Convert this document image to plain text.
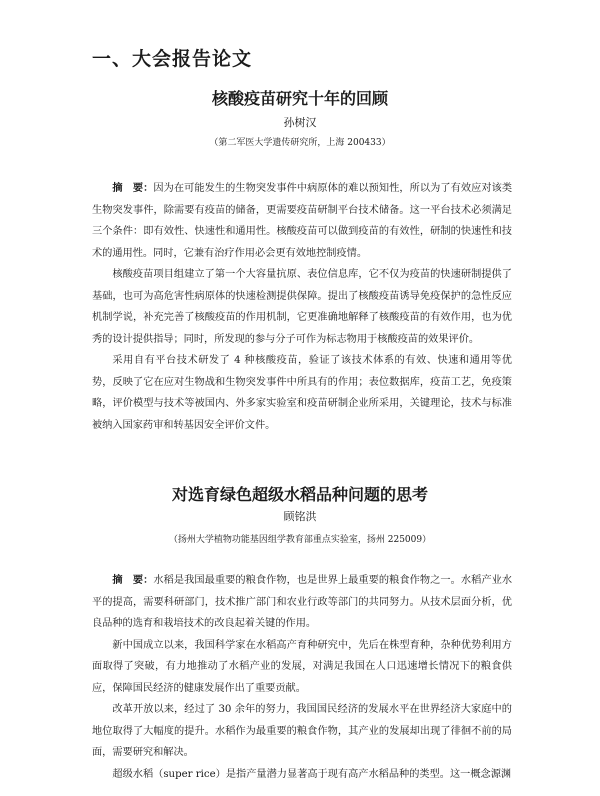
一、大会报告论文
核酸疫苗研究十年的回顾
孙树汉
（第二军医大学遗传研究所，上海 200433）

摘　要：因为在可能发生的生物突发事件中病原体的难以预知性，所以为了有效应对该类生物突发事件，除需要有疫苗的储备，更需要疫苗研制平台技术储备。这一平台技术必须满足三个条件：即有效性、快速性和通用性。核酸疫苗可以做到疫苗的有效性，研制的快速性和技术的通用性。同时，它兼有治疗作用必会更有效地控制疫情。

核酸疫苗项目组建立了第一个大容量抗原、表位信息库，它不仅为疫苗的快速研制提供了基础，也可为高危害性病原体的快速检测提供保障。提出了核酸疫苗诱导免疫保护的急性反应机制学说，补充完善了核酸疫苗的作用机制，它更准确地解释了核酸疫苗的有效作用，也为优秀的设计提供指导；同时，所发现的参与分子可作为标志物用于核酸疫苗的效果评价。

采用自有平台技术研发了 4 种核酸疫苗，验证了该技术体系的有效、快速和通用等优势，反映了它在应对生物战和生物突发事件中所具有的作用；表位数据库，疫苗工艺，免疫策略，评价模型与技术等被国内、外多家实验室和疫苗研制企业所采用，关键理论，技术与标准被纳入国家药审和转基因安全评价文件。

对选育绿色超级水稻品种问题的思考
顾铭洪
（扬州大学植物功能基因组学教育部重点实验室，扬州 225009）

摘　要：水稻是我国最重要的粮食作物，也是世界上最重要的粮食作物之一。水稻产业水平的提高，需要科研部门，技术推广部门和农业行政等部门的共同努力。从技术层面分析，优良品种的选育和栽培技术的改良起着关键的作用。

新中国成立以来，我国科学家在水稻高产育种研究中，先后在株型育种，杂种优势利用方面取得了突破，有力地推动了水稻产业的发展，对满足我国在人口迅速增长情况下的粮食供应，保障国民经济的健康发展作出了重要贡献。

改革开放以来，经过了 30 余年的努力，我国国民经济的发展水平在世界经济大家庭中的地位取得了大幅度的提升。水稻作为最重要的粮食作物，其产业的发展却出现了徘徊不前的局面，需要研究和解决。

超级水稻（super rice）是指产量潜力显著高于现有高产水稻品种的类型。这一概念源渊
